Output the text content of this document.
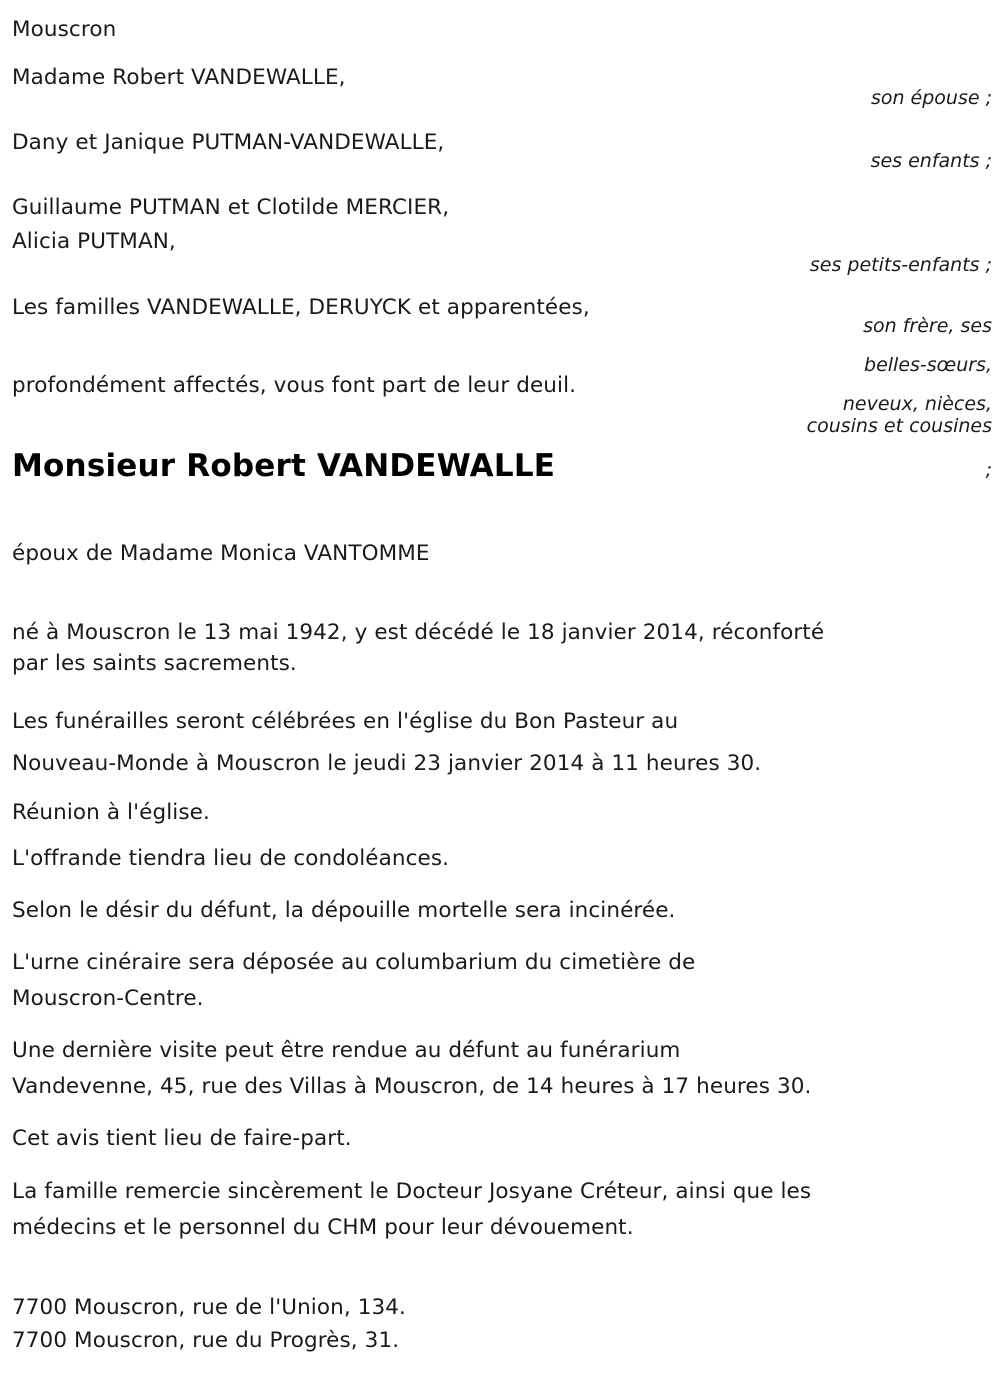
Mouscron
Madame Robert VANDEWALLE,
Dany et Janique PUTMAN-VANDEWALLE,
Guillaume PUTMAN et Clotilde MERCIER,
Alicia PUTMAN,
Les familles VANDEWALLE, DERUYCK et apparentées,
profondément affectés, vous font part de leur deuil.
son épouse ;
ses enfants ;
ses petits-enfants ;
son frère, ses
belles-sœurs,
neveux, nièces,
cousins et cousines
;
Monsieur Robert VANDEWALLE
époux de Madame Monica VANTOMME
né à Mouscron le 13 mai 1942, y est décédé le 18 janvier 2014, réconforté
par les saints sacrements.
Les funérailles seront célébrées en l'église du Bon Pasteur au
Nouveau-Monde à Mouscron le jeudi 23 janvier 2014 à 11 heures 30.
Réunion à l'église.
L'offrande tiendra lieu de condoléances.
Selon le désir du défunt, la dépouille mortelle sera incinérée.
L'urne cinéraire sera déposée au columbarium du cimetière de
Mouscron-Centre.
Une dernière visite peut être rendue au défunt au funérarium
Vandevenne, 45, rue des Villas à Mouscron, de 14 heures à 17 heures 30.
Cet avis tient lieu de faire-part.
La famille remercie sincèrement le Docteur Josyane Créteur, ainsi que les
médecins et le personnel du CHM pour leur dévouement.
7700 Mouscron, rue de l'Union, 134.
7700 Mouscron, rue du Progrès, 31.
